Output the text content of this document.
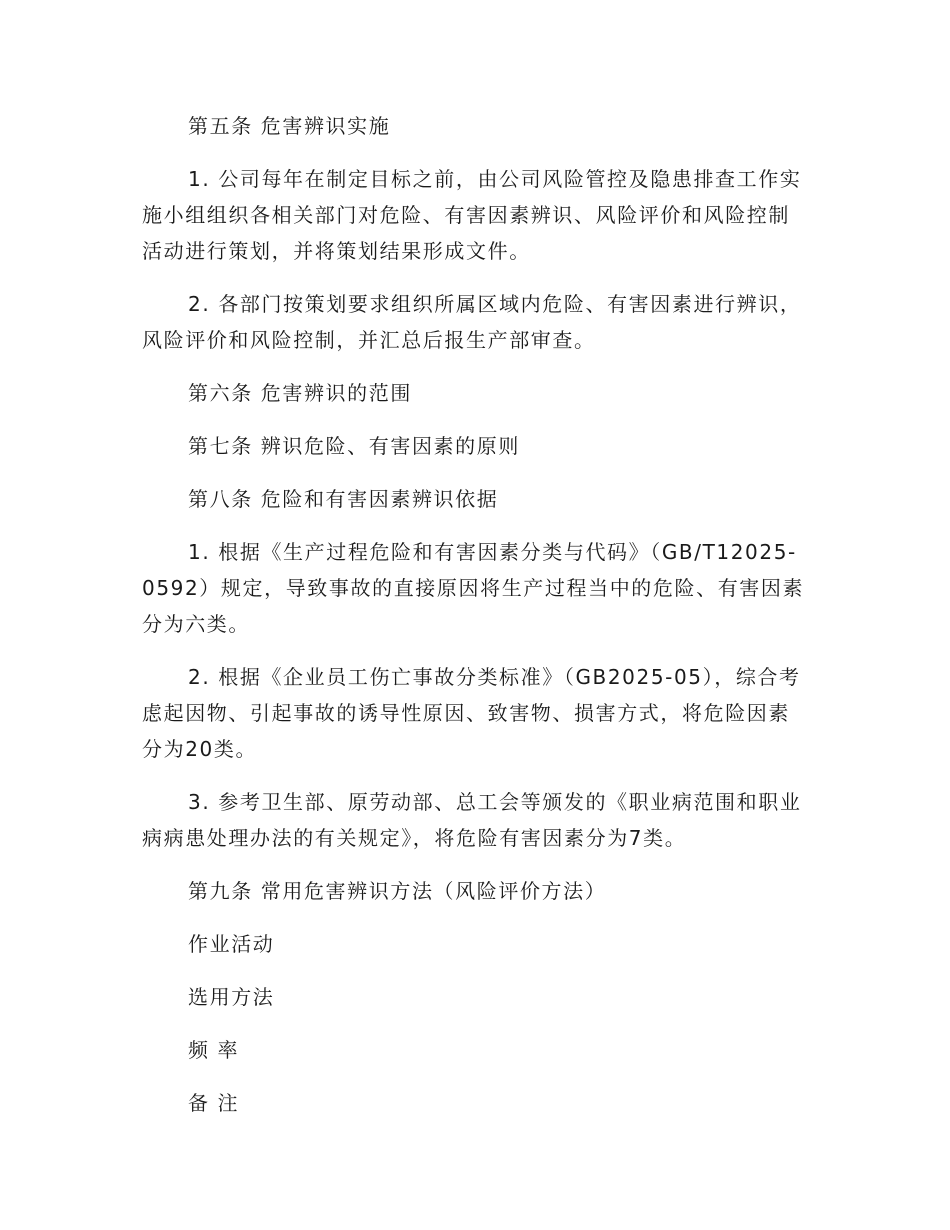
第五条 危害辨识实施

1. 公司每年在制定目标之前，由公司风险管控及隐患排查工作实施小组组织各相关部门对危险、有害因素辨识、风险评价和风险控制活动进行策划，并将策划结果形成文件。

2. 各部门按策划要求组织所属区域内危险、有害因素进行辨识，风险评价和风险控制，并汇总后报生产部审查。

第六条 危害辨识的范围

第七条 辨识危险、有害因素的原则

第八条 危险和有害因素辨识依据

1. 根据《生产过程危险和有害因素分类与代码》（GB/T12025-0592）规定，导致事故的直接原因将生产过程当中的危险、有害因素分为六类。

2. 根据《企业员工伤亡事故分类标准》（GB2025-05），综合考虑起因物、引起事故的诱导性原因、致害物、损害方式，将危险因素分为20类。

3. 参考卫生部、原劳动部、总工会等颁发的《职业病范围和职业病病患处理办法的有关规定》，将危险有害因素分为7类。

第九条 常用危害辨识方法（风险评价方法）

作业活动

选用方法

频 率

备 注
